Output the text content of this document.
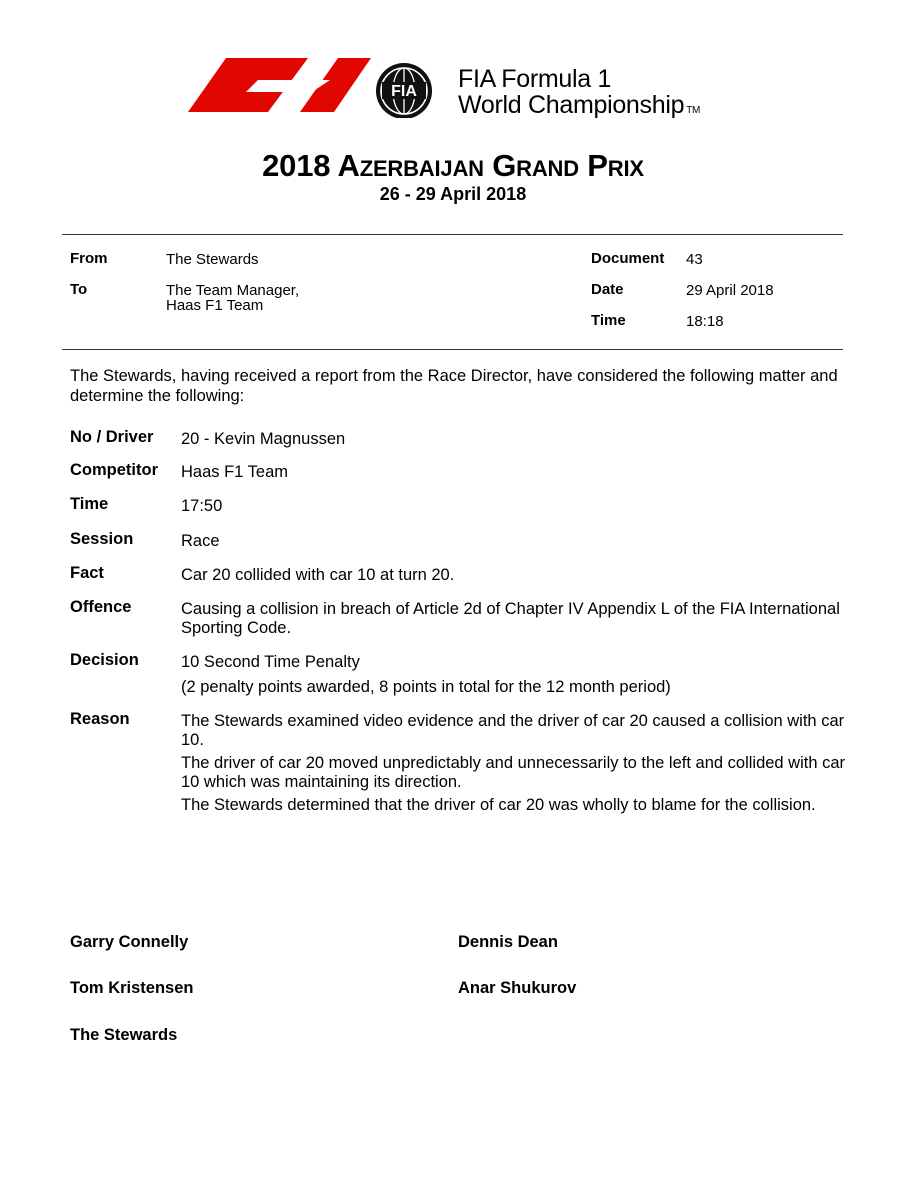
FIA FIA Formula 1
World Championship TM
2018 Azerbaijan Grand Prix
26 - 29 April 2018
From	The Stewards
To	The Team Manager,
Haas F1 Team
Document 43
Date	29 April 2018
Time	18:18
The Stewards, having received a report from the Race Director, have considered the following matter and determine the following:
No / Driver 20 - Kevin Magnussen

Competitor Haas F1 Team

Time	17:50

Session	Race

Fact	Car 20 collided with car 10 at turn 20.

Offence	Causing a collision in breach of Article 2d of Chapter IV Appendix L of the FIA International Sporting Code.

Decision	10 Second Time Penalty

(2 penalty points awarded, 8 points in total for the 12 month period)

Reason	The Stewards examined video evidence and the driver of car 20 caused a collision with car 10.

The driver of car 20 moved unpredictably and unnecessarily to the left and collided with car 10 which was maintaining its direction.

The Stewards determined that the driver of car 20 was wholly to blame for the collision.

Garry Connelly	Dennis Dean
Tom Kristensen	Anar Shukurov
The Stewards
